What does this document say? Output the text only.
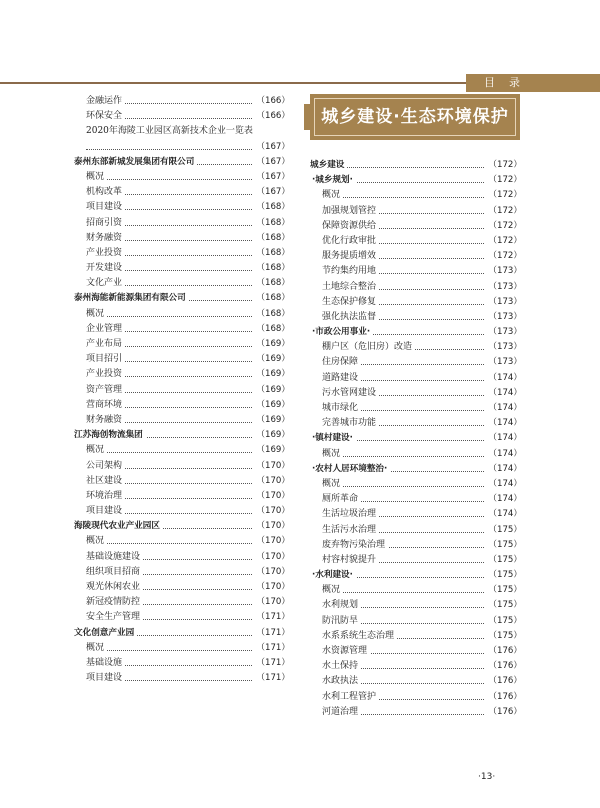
目录
金融运作	（166）
环保安全	（166）
2020年海陵工业园区高新技术企业一览表
（167）
泰州东部新城发展集团有限公司	（167）
概况	（167）
机构改革	（167）
项目建设	（168）
招商引资	（168）
财务融资	（168）
产业投资	（168）
开发建设	（168）
文化产业	（168）
泰州海能新能源集团有限公司	（168）
概况	（168）
企业管理	（168）
产业布局	（169）
项目招引	（169）
产业投资	（169）
资产管理	（169）
营商环境	（169）
财务融资	（169）
江苏海创物流集团	（169）
概况	（169）
公司架构	（170）
社区建设	（170）
环境治理	（170）
项目建设	（170）
海陵现代农业产业园区	（170）
概况	（170）
基础设施建设	（170）
组织项目招商	（170）
观光休闲农业	（170）
新冠疫情防控	（170）
安全生产管理	（171）
文化创意产业园	（171）
概况	（171）
基础设施	（171）
项目建设	（171）
城乡建设·生态环境保护
城乡建设	（172）
·城乡规划·	（172）
概况	（172）
加强规划管控	（172）
保障资源供给	（172）
优化行政审批	（172）
服务提质增效	（172）
节约集约用地	（173）
土地综合整治	（173）
生态保护修复	（173）
强化执法监督	（173）
·市政公用事业·	（173）
棚户区（危旧房）改造	（173）
住房保障	（173）
道路建设	（174）
污水管网建设	（174）
城市绿化	（174）
完善城市功能	（174）
·镇村建设·	（174）
概况	（174）
·农村人居环境整治·	（174）
概况	（174）
厕所革命	（174）
生活垃圾治理	（174）
生活污水治理	（175）
废弃物污染治理	（175）
村容村貌提升	（175）
·水利建设·	（175）
概况	（175）
水利规划	（175）
防汛防旱	（175）
水系系统生态治理	（175）
水资源管理	（176）
水土保持	（176）
水政执法	（176）
水利工程管护	（176）
河道治理	（176）
·13·
